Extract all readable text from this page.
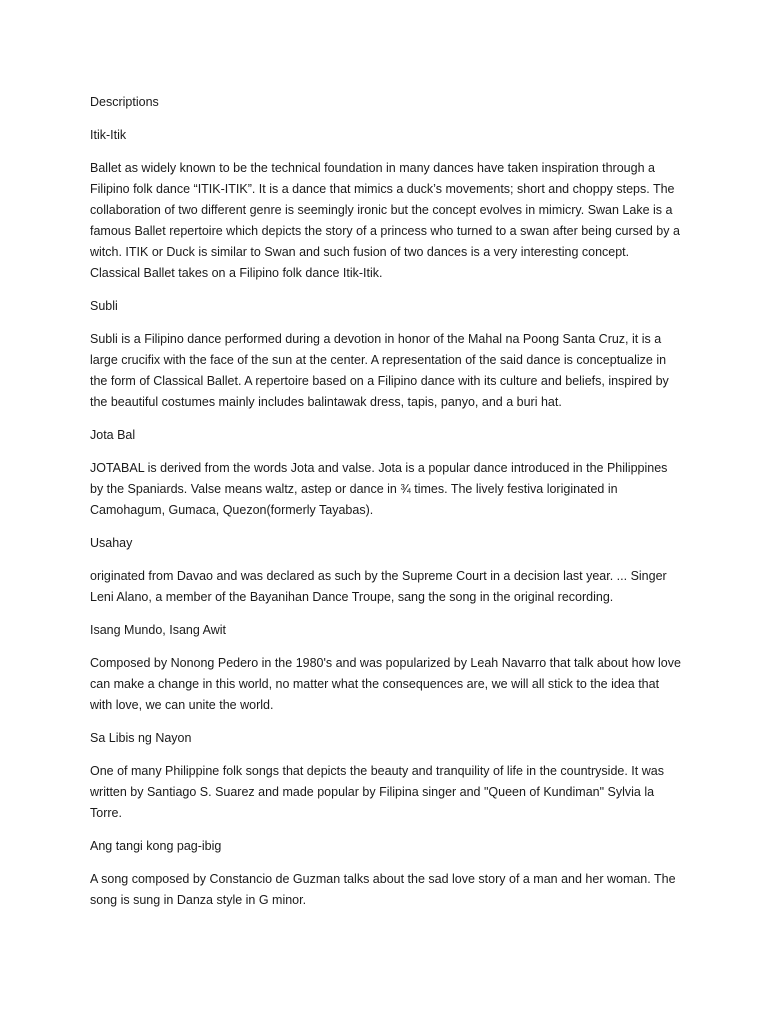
Descriptions

Itik-Itik

Ballet as widely known to be the technical foundation in many dances have taken inspiration through a Filipino folk dance “ITIK-ITIK”. It is a dance that mimics a duck’s movements; short and choppy steps. The collaboration of two different genre is seemingly ironic but the concept evolves in mimicry. Swan Lake is a famous Ballet repertoire which depicts the story of a princess who turned to a swan after being cursed by a witch. ITIK or Duck is similar to Swan and such fusion of two dances is a very interesting concept. Classical Ballet takes on a Filipino folk dance Itik-Itik.

Subli

Subli is a Filipino dance performed during a devotion in honor of the Mahal na Poong Santa Cruz, it is a large crucifix with the face of the sun at the center. A representation of the said dance is conceptualize in the form of Classical Ballet. A repertoire based on a Filipino dance with its culture and beliefs, inspired by the beautiful costumes mainly includes balintawak dress, tapis, panyo, and a buri hat.

Jota Bal

JOTABAL is derived from the words Jota and valse. Jota is a popular dance introduced in the Philippines by the Spaniards. Valse means waltz, astep or dance in ¾ times. The lively festiva loriginated in Camohagum, Gumaca, Quezon(formerly Tayabas).

Usahay

originated from Davao and was declared as such by the Supreme Court in a decision last year. ... Singer Leni Alano, a member of the Bayanihan Dance Troupe, sang the song in the original recording.

Isang Mundo, Isang Awit

Composed by Nonong Pedero in the 1980's and was popularized by Leah Navarro that talk about how love can make a change in this world, no matter what the consequences are, we will all stick to the idea that with love, we can unite the world.

Sa Libis ng Nayon

One of many Philippine folk songs that depicts the beauty and tranquility of life in the countryside. It was written by Santiago S. Suarez and made popular by Filipina singer and "Queen of Kundiman" Sylvia la Torre.

Ang tangi kong pag-ibig

A song composed by Constancio de Guzman talks about the sad love story of a man and her woman. The song is sung in Danza style in G minor.
